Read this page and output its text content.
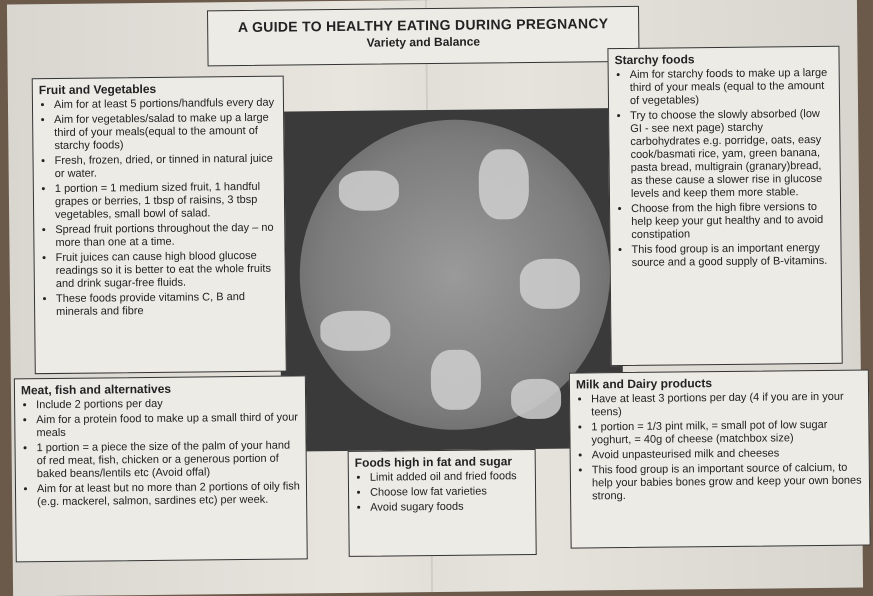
A GUIDE TO HEALTHY EATING DURING PREGNANCY
Variety and Balance
Fruit and Vegetables
• Aim for at least 5 portions/handfuls every day
• Aim for vegetables/salad to make up a large third of your meals(equal to the amount of starchy foods)
• Fresh, frozen, dried, or tinned in natural juice or water.
• 1 portion = 1 medium sized fruit, 1 handful grapes or berries, 1 tbsp of raisins, 3 tbsp vegetables, small bowl of salad.
• Spread fruit portions throughout the day – no more than one at a time.
• Fruit juices can cause high blood glucose readings so it is better to eat the whole fruits and drink sugar-free fluids.
• These foods provide vitamins C, B and minerals and fibre
Starchy foods
• Aim for starchy foods to make up a large third of your meals (equal to the amount of vegetables)
• Try to choose the slowly absorbed (low GI - see next page) starchy carbohydrates e.g. porridge, oats, easy cook/basmati rice, yam, green banana, pasta bread, multigrain (granary)bread, as these cause a slower rise in glucose levels and keep them more stable.
• Choose from the high fibre versions to help keep your gut healthy and to avoid constipation
• This food group is an important energy source and a good supply of B-vitamins.
Meat, fish and alternatives
• Include 2 portions per day
• Aim for a protein food to make up a small third of your meals
• 1 portion = a piece the size of the palm of your hand of red meat, fish, chicken or a generous portion of baked beans/lentils etc (Avoid offal)
• Aim for at least but no more than 2 portions of oily fish (e.g. mackerel, salmon, sardines etc) per week.
Foods high in fat and sugar
• Limit added oil and fried foods
• Choose low fat varieties
• Avoid sugary foods
Milk and Dairy products
• Have at least 3 portions per day (4 if you are in your teens)
• 1 portion = 1/3 pint milk, = small pot of low sugar yoghurt, = 40g of cheese (matchbox size)
• Avoid unpasteurised milk and cheeses
• This food group is an important source of calcium, to help your babies bones grow and keep your own bones strong.
